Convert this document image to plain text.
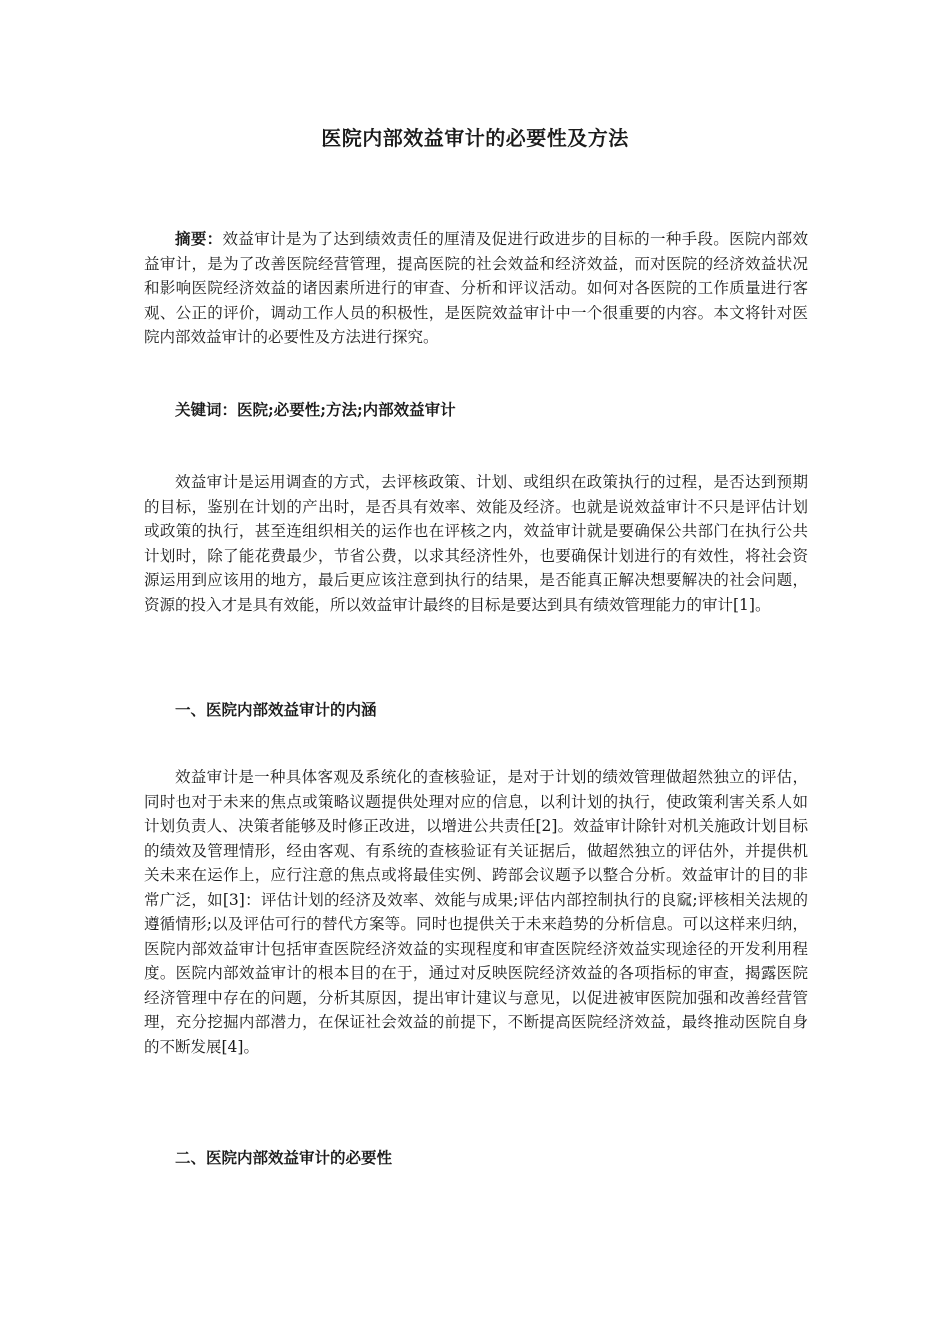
医院内部效益审计的必要性及方法

摘要：效益审计是为了达到绩效责任的厘清及促进行政进步的目标的一种手段。医院内部效益审计，是为了改善医院经营管理，提高医院的社会效益和经济效益，而对医院的经济效益状况和影响医院经济效益的诸因素所进行的审查、分析和评议活动。如何对各医院的工作质量进行客观、公正的评价，调动工作人员的积极性，是医院效益审计中一个很重要的内容。本文将针对医院内部效益审计的必要性及方法进行探究。

关键词：医院;必要性;方法;内部效益审计

效益审计是运用调查的方式，去评核政策、计划、或组织在政策执行的过程，是否达到预期的目标，鉴别在计划的产出时，是否具有效率、效能及经济。也就是说效益审计不只是评估计划或政策的执行，甚至连组织相关的运作也在评核之内，效益审计就是要确保公共部门在执行公共计划时，除了能花费最少，节省公费，以求其经济性外，也要确保计划进行的有效性，将社会资源运用到应该用的地方，最后更应该注意到执行的结果，是否能真正解决想要解决的社会问题，资源的投入才是具有效能，所以效益审计最终的目标是要达到具有绩效管理能力的审计[1]。

一、医院内部效益审计的内涵

效益审计是一种具体客观及系统化的查核验证，是对于计划的绩效管理做超然独立的评估，同时也对于未来的焦点或策略议题提供处理对应的信息，以利计划的执行，使政策利害关系人如计划负责人、决策者能够及时修正改进，以增进公共责任[2]。效益审计除针对机关施政计划目标的绩效及管理情形，经由客观、有系统的查核验证有关证据后，做超然独立的评估外，并提供机关未来在运作上，应行注意的焦点或将最佳实例、跨部会议题予以整合分析。效益审计的目的非常广泛，如[3]：评估计划的经济及效率、效能与成果;评估内部控制执行的良窳;评核相关法规的遵循情形;以及评估可行的替代方案等。同时也提供关于未来趋势的分析信息。可以这样来归纳，医院内部效益审计包括审查医院经济效益的实现程度和审查医院经济效益实现途径的开发利用程度。医院内部效益审计的根本目的在于，通过对反映医院经济效益的各项指标的审查，揭露医院经济管理中存在的问题，分析其原因，提出审计建议与意见，以促进被审医院加强和改善经营管理，充分挖掘内部潜力，在保证社会效益的前提下，不断提高医院经济效益，最终推动医院自身的不断发展[4]。

二、医院内部效益审计的必要性
